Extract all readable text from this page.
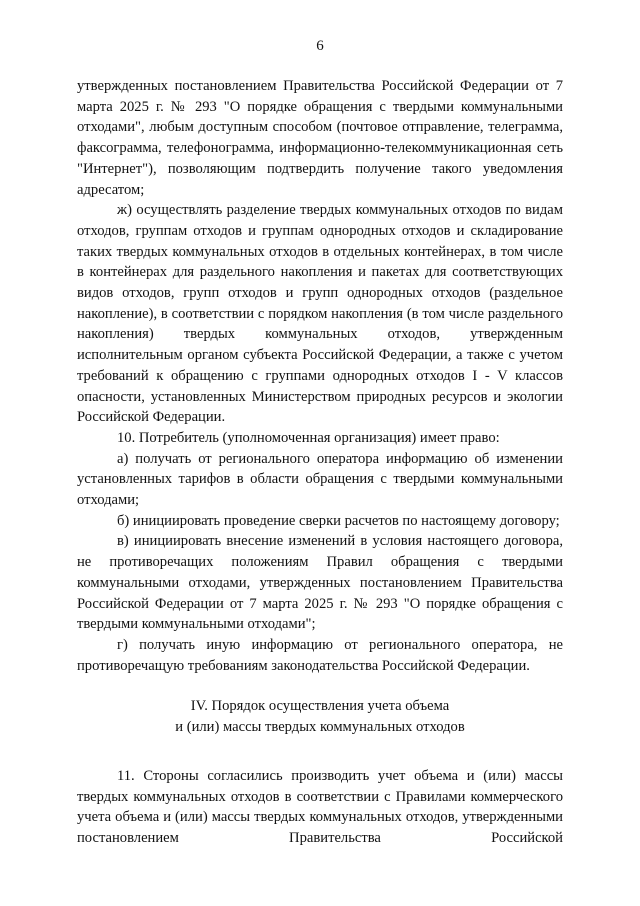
6

утвержденных постановлением Правительства Российской Федерации от 7 марта 2025 г. № 293 "О порядке обращения с твердыми коммунальными отходами", любым доступным способом (почтовое отправление, телеграмма, факсограмма, телефонограмма, информационно-телекоммуникационная сеть "Интернет"), позволяющим подтвердить получение такого уведомления адресатом;

ж) осуществлять разделение твердых коммунальных отходов по видам отходов, группам отходов и группам однородных отходов и складирование таких твердых коммунальных отходов в отдельных контейнерах, в том числе в контейнерах для раздельного накопления и пакетах для соответствующих видов отходов, групп отходов и групп однородных отходов (раздельное накопление), в соответствии с порядком накопления (в том числе раздельного накопления) твердых коммунальных отходов, утвержденным исполнительным органом субъекта Российской Федерации, а также с учетом требований к обращению с группами однородных отходов I - V классов опасности, установленных Министерством природных ресурсов и экологии Российской Федерации.

10. Потребитель (уполномоченная организация) имеет право:

а) получать от регионального оператора информацию об изменении установленных тарифов в области обращения с твердыми коммунальными отходами;

б) инициировать проведение сверки расчетов по настоящему договору;

в) инициировать внесение изменений в условия настоящего договора, не противоречащих положениям Правил обращения с твердыми коммунальными отходами, утвержденных постановлением Правительства Российской Федерации от 7 марта 2025 г. № 293 "О порядке обращения с твердыми коммунальными отходами";

г) получать иную информацию от регионального оператора, не противоречащую требованиям законодательства Российской Федерации.

IV. Порядок осуществления учета объема
и (или) массы твердых коммунальных отходов

11. Стороны согласились производить учет объема и (или) массы твердых коммунальных отходов в соответствии с Правилами коммерческого учета объема и (или) массы твердых коммунальных отходов, утвержденными постановлением Правительства Российской
